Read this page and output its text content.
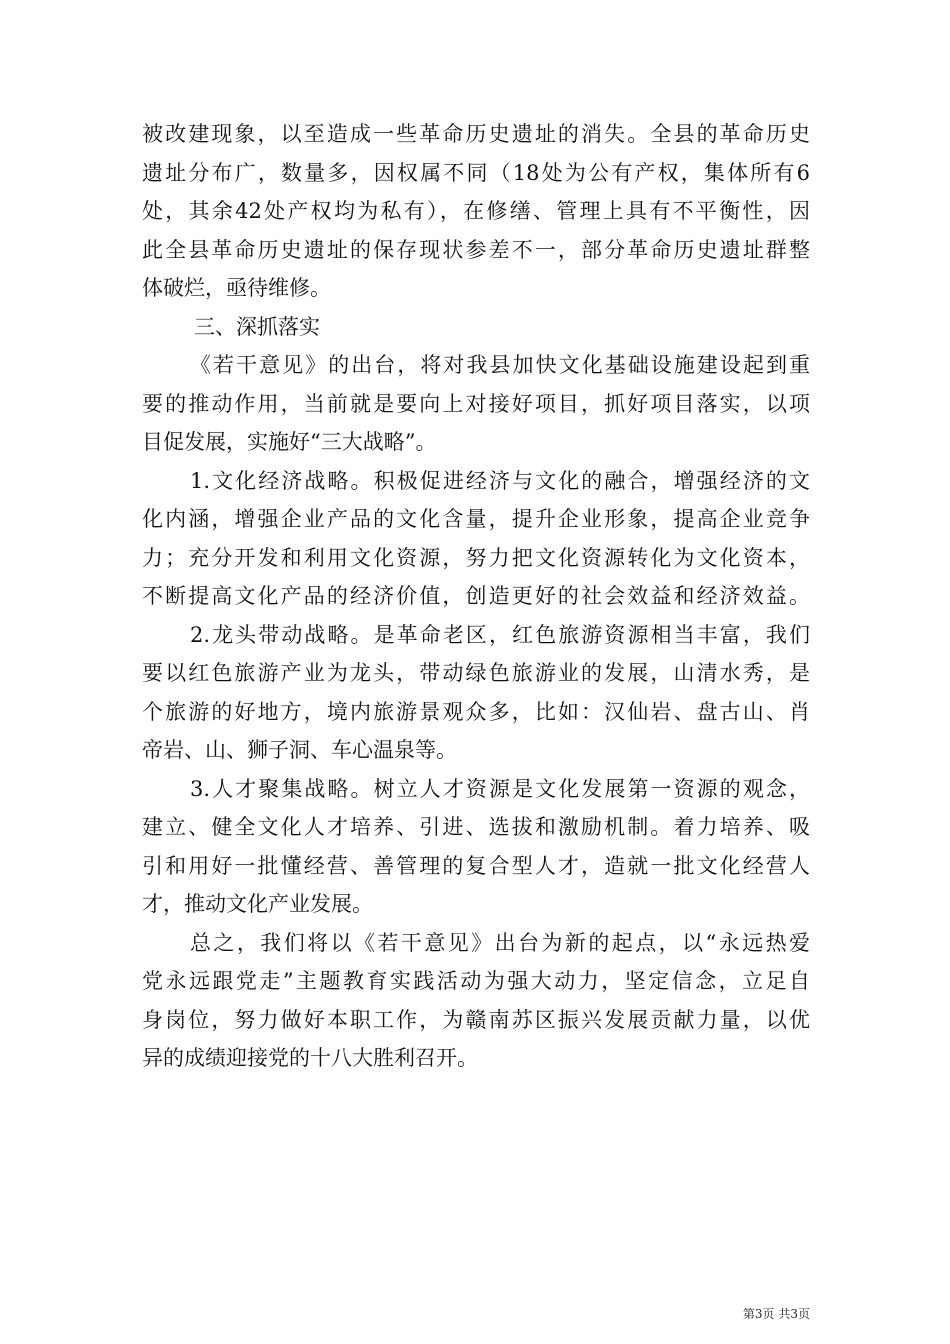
被改建现象，以至造成一些革命历史遗址的消失。全县的革命历史
遗址分布广，数量多，因权属不同（18处为公有产权，集体所有6
处，其余42处产权均为私有），在修缮、管理上具有不平衡性，因
此全县革命历史遗址的保存现状参差不一，部分革命历史遗址群整
体破烂，亟待维修。
三、深抓落实
《若干意见》的出台，将对我县加快文化基础设施建设起到重
要的推动作用，当前就是要向上对接好项目，抓好项目落实，以项
目促发展，实施好“三大战略”。
1.文化经济战略。积极促进经济与文化的融合，增强经济的文
化内涵，增强企业产品的文化含量，提升企业形象，提高企业竞争
力；充分开发和利用文化资源，努力把文化资源转化为文化资本，
不断提高文化产品的经济价值，创造更好的社会效益和经济效益。
2.龙头带动战略。是革命老区，红色旅游资源相当丰富，我们
要以红色旅游产业为龙头，带动绿色旅游业的发展，山清水秀，是
个旅游的好地方，境内旅游景观众多，比如：汉仙岩、盘古山、肖
帝岩、山、狮子洞、车心温泉等。
3.人才聚集战略。树立人才资源是文化发展第一资源的观念，
建立、健全文化人才培养、引进、选拔和激励机制。着力培养、吸
引和用好一批懂经营、善管理的复合型人才，造就一批文化经营人
才，推动文化产业发展。
总之，我们将以《若干意见》出台为新的起点，以“永远热爱
党永远跟党走”主题教育实践活动为强大动力，坚定信念，立足自
身岗位，努力做好本职工作，为赣南苏区振兴发展贡献力量，以优
异的成绩迎接党的十八大胜利召开。
第3页 共3页
